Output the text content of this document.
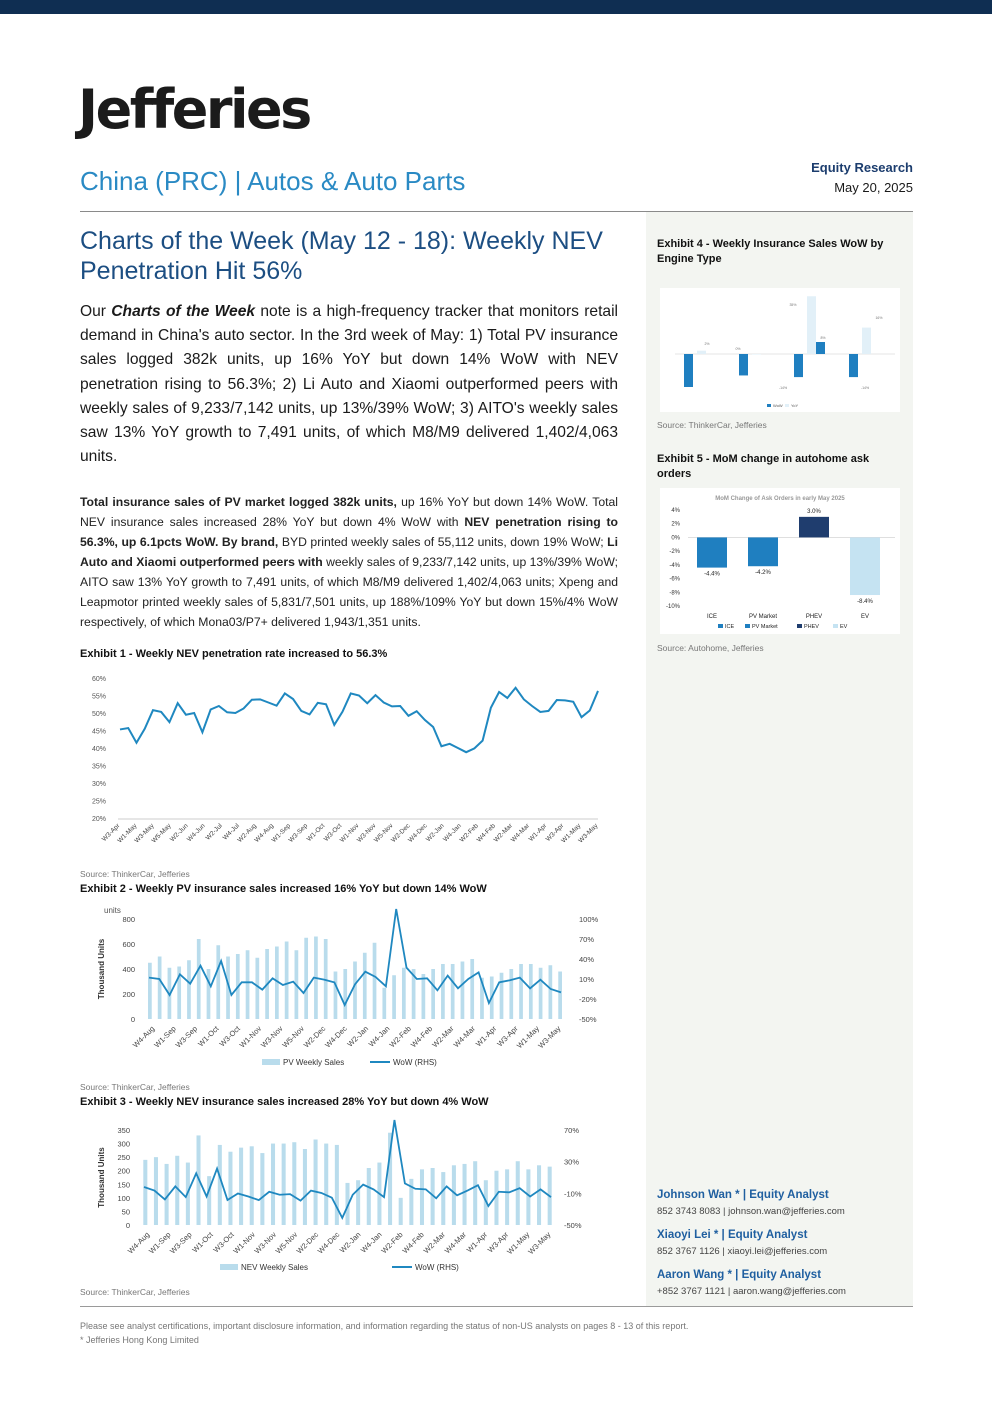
Jefferies
China (PRC) | Autos & Auto Parts	Equity Research
May 20, 2025
Charts of the Week (May 12 - 18): Weekly NEV Penetration Hit 56%

Our Charts of the Week note is a high-frequency tracker that monitors retail demand in China's auto sector. In the 3rd week of May: 1) Total PV insurance sales logged 382k units, up 16% YoY but down 14% WoW with NEV penetration rising to 56.3%; 2) Li Auto and Xiaomi outperformed peers with weekly sales of 9,233/7,142 units, up 13%/39% WoW; 3) AITO's weekly sales saw 13% YoY growth to 7,491 units, of which M8/M9 delivered 1,402/4,063 units.

Total insurance sales of PV market logged 382k units, up 16% YoY but down 14% WoW. Total NEV insurance sales increased 28% YoY but down 4% WoW with NEV penetration rising to 56.3%, up 6.1pcts WoW. By brand, BYD printed weekly sales of 55,112 units, down 19% WoW; Li Auto and Xiaomi outperformed peers with weekly sales of 9,233/7,142 units, up 13%/39% WoW; AITO saw 13% YoY growth to 7,491 units, of which M8/M9 delivered 1,402/4,063 units; Xpeng and Leapmotor printed weekly sales of 5,831/7,501 units, up 188%/109% YoY but down 15%/4% WoW respectively, of which Mona03/P7+ delivered 1,943/1,351 units.

Exhibit 1 - Weekly NEV penetration rate increased to 56.3%
60%
55%
50%
45%
40%
35%
30%
25%
20%
W3-Apr
W1-May
W3-May
W5-May
W2-Jun
W4-Jun
W2-Jul
W4-Jul
W2-Aug
W4-Aug
W1-Sep
W3-Sep
W1-Oct
W3-Oct
W1-Nov
W3-Nov
W5-Nov
W2-Dec
W4-Dec
W2-Jan
W4-Jan
W2-Feb
W4-Feb
W2-Mar
W4-Mar
W1-Apr
W3-Apr
W1-May
W3-May
Source: ThinkerCar, Jefferies
Exhibit 2 - Weekly PV insurance sales increased 16% YoY but down 14% WoW
800
600
400
200
0
100%
70%
40%
10%
-20%
-50%
Thousand Units
W4-Aug
W1-Sep
W3-Sep
W1-Oct
W3-Oct
W1-Nov
W3-Nov
W5-Nov
W2-Dec
W4-Dec
W2-Jan
W4-Jan
W2-Feb
W4-Feb
W2-Mar
W4-Mar
W1-Apr
W3-Apr
W1-May
W3-May
units
PV Weekly Sales	WoW (RHS)
Source: ThinkerCar, Jefferies
Exhibit 3 - Weekly NEV insurance sales increased 28% YoY but down 4% WoW
350
300
250
200
150
100
50
0
70%
30%
-10%
-50%
Thousand Units
W4-Aug
W1-Sep
W3-Sep
W1-Oct
W3-Oct
W1-Nov
W3-Nov
W5-Nov
W2-Dec
W4-Dec
W2-Jan
W4-Jan
W2-Feb
W4-Feb
W2-Mar
W4-Mar
W1-Apr
W3-Apr
W1-May
W3-May
NEV Weekly Sales	WoW (RHS)
Source: ThinkerCar, Jefferies
Exhibit 4 - Weekly Insurance Sales WoW by Engine Type
WoW YoY
2%
0%
35%
16%
-14%	-14%
8%
Source: ThinkerCar, Jefferies
Exhibit 5 - MoM change in autohome ask orders
MoM Change of Ask Orders in early May 2025
4%
2%
0%
-2%
-4%
-6%
-8%
-10%
-4.4%
ICE
-4.2%
PV Market
3.0%
PHEV
-8.4%
EV
ICE	PV Market	PHEV	EV
Source: Autohome, Jefferies
Johnson Wan * | Equity Analyst
852 3743 8083 | johnson.wan@jefferies.com
Xiaoyi Lei * | Equity Analyst
852 3767 1126 | xiaoyi.lei@jefferies.com
Aaron Wang * | Equity Analyst
+852 3767 1121 | aaron.wang@jefferies.com
Please see analyst certifications, important disclosure information, and information regarding the status of non-US analysts on pages 8 - 13 of this report.
* Jefferies Hong Kong Limited
